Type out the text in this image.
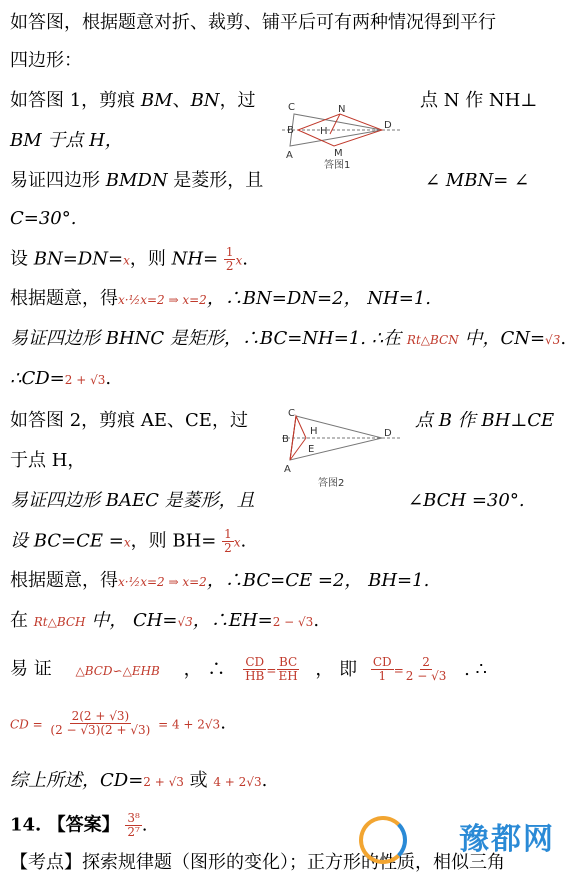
如答图，根据题意对折、裁剪、铺平后可有两种情况得到平行
四边形：
如答图 1，剪痕 BM、BN，过	点 N 作 NH⊥
BM 于点 H，
C	N
H
B
A	M
D
答图1
易证四边形 BMDN 是菱形，且	∠ MBN= ∠
C=30°.
设 BN=DN=x，则 $NH= \frac{1}{2} x$.
根据题意，得x·½x=2 ⇒ x=2，∴BN=DN=2， NH=1.
易证四边形 BHNC 是矩形，∴BC=NH=1. ∴在 Rt△BCN 中，CN=√3.
∴CD=2 + √3.
如答图 2，剪痕 AE、CE，过	点 B 作 BH⊥CE
于点 H，
C
H
B
E
A
D
答图2
易证四边形 BAEC 是菱形，且	∠BCH =30°.
设 BC=CE =x，则 $BH= \frac{1}{2} x$.
根据题意，得x·½x=2 ⇒ x=2，∴BC=CE =2， BH=1.
在 Rt△BCH 中， CH=√3，∴EH=2 − √3.
易 证 △BCD∽△EHB ， ∴ $\frac{CD}{HB} = \frac{BC}{EH}$ ， 即 $\frac{CD}{1} = \frac{2}{2 - √3}$ . ∴
CD = $\frac{2(2 + √3)}{(2 - √3)(2 + √3)} = 4 + 2√3$.
综上所述，CD=2 + √3 或 4 + 2√3.
14. 【答案】 $\frac{\text{3⁸}}{\text{2⁷}}$ .
【考点】探索规律题（图形的变化）；正方形的性质，相似三角
豫都网
